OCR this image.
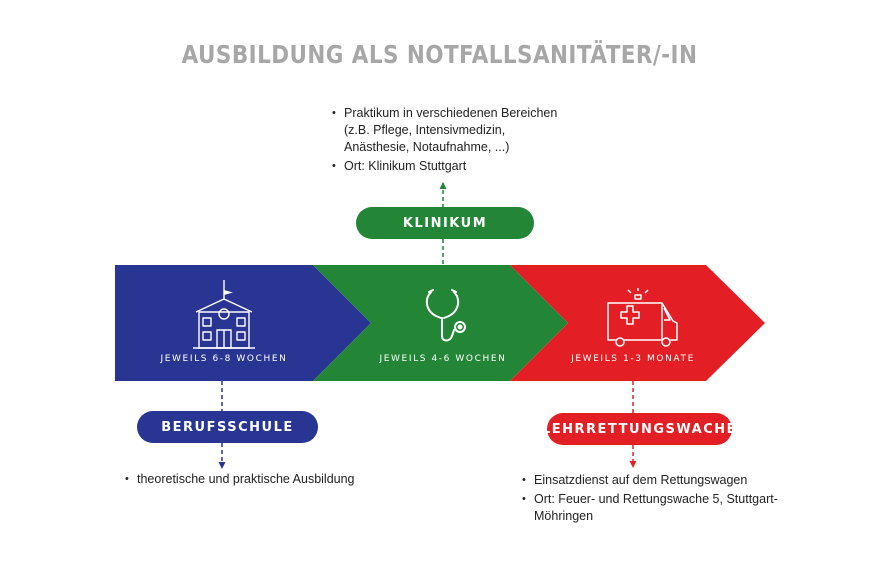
AUSBILDUNG ALS NOTFALLSANITÄTER/-IN
• Praktikum in verschiedenen Bereichen (z.B. Pflege, Intensivmedizin, Anästhesie, Notaufnahme, ...)
• Ort: Klinikum Stuttgart
JEWEILS 6-8 WOCHEN	JEWEILS 4-6 WOCHEN	JEWEILS 1-3 MONATE
KLINIKUM
BERUFSSCHULE	LEHRRETTUNGSWACHE
• theoretische und praktische Ausbildung
•	Einsatzdienst auf dem Rettungswagen
• Ort: Feuer- und Rettungswache 5, Stuttgart-Möhringen
